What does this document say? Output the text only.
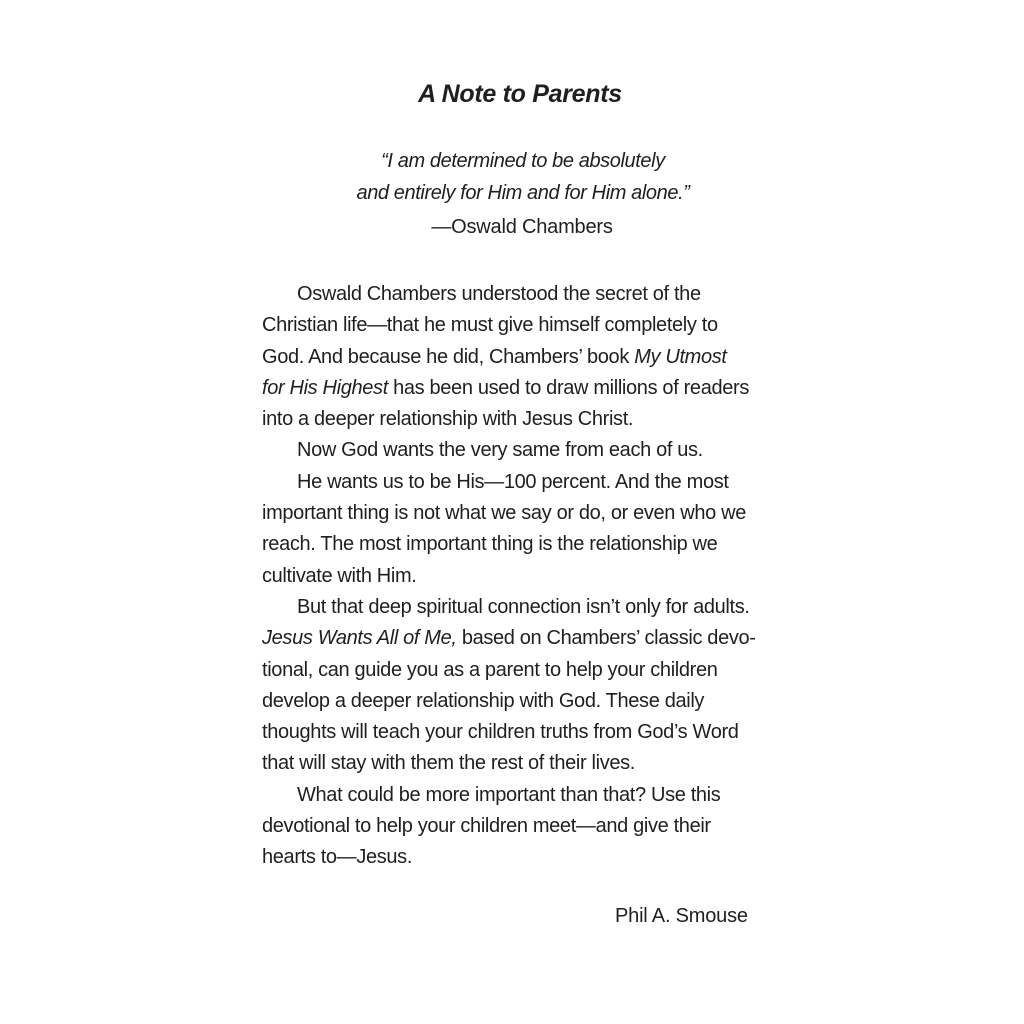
A Note to Parents
“I am determined to be absolutely
and entirely for Him and for Him alone.”
—Oswald Chambers
Oswald Chambers understood the secret of the
Christian life—that he must give himself completely to
God. And because he did, Chambers’ book My Utmost
for His Highest has been used to draw millions of readers
into a deeper relationship with Jesus Christ.
Now God wants the very same from each of us.
He wants us to be His—100 percent. And the most
important thing is not what we say or do, or even who we
reach. The most important thing is the relationship we
cultivate with Him.
But that deep spiritual connection isn’t only for adults.
Jesus Wants All of Me, based on Chambers’ classic devo-
tional, can guide you as a parent to help your children
develop a deeper relationship with God. These daily
thoughts will teach your children truths from God’s Word
that will stay with them the rest of their lives.
What could be more important than that? Use this
devotional to help your children meet—and give their
hearts to—Jesus.
Phil A. Smouse
